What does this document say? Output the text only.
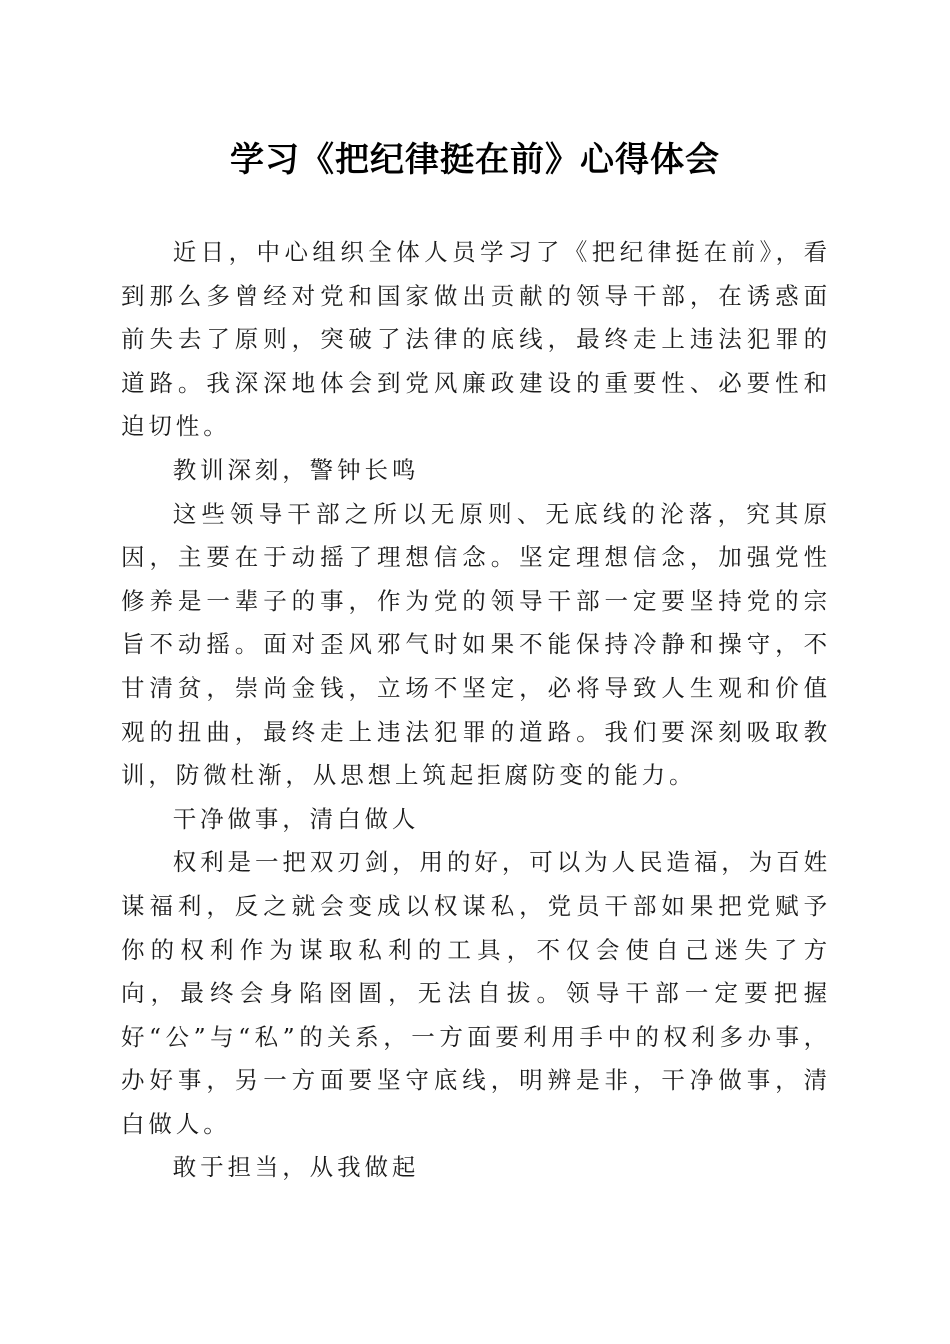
学习《把纪律挺在前》心得体会

近日，中心组织全体人员学习了《把纪律挺在前》，看到那么多曾经对党和国家做出贡献的领导干部，在诱惑面前失去了原则，突破了法律的底线，最终走上违法犯罪的道路。我深深地体会到党风廉政建设的重要性、必要性和迫切性。

教训深刻，警钟长鸣

这些领导干部之所以无原则、无底线的沦落，究其原因，主要在于动摇了理想信念。坚定理想信念，加强党性修养是一辈子的事，作为党的领导干部一定要坚持党的宗旨不动摇。面对歪风邪气时如果不能保持冷静和操守，不甘清贫，崇尚金钱，立场不坚定，必将导致人生观和价值观的扭曲，最终走上违法犯罪的道路。我们要深刻吸取教训，防微杜渐，从思想上筑起拒腐防变的能力。

干净做事，清白做人

权利是一把双刃剑，用的好，可以为人民造福，为百姓谋福利，反之就会变成以权谋私，党员干部如果把党赋予你的权利作为谋取私利的工具，不仅会使自己迷失了方向，最终会身陷囹圄，无法自拔。领导干部一定要把握好“公”与“私”的关系，一方面要利用手中的权利多办事，办好事，另一方面要坚守底线，明辨是非，干净做事，清白做人。

敢于担当，从我做起
